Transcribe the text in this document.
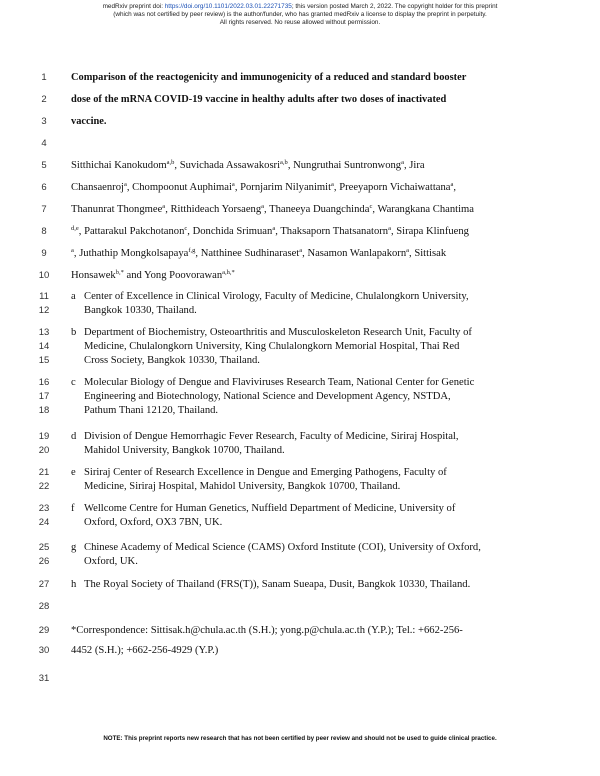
medRxiv preprint doi: https://doi.org/10.1101/2022.03.01.22271735; this version posted March 2, 2022. The copyright holder for this preprint
(which was not certified by peer review) is the author/funder, who has granted medRxiv a license to display the preprint in perpetuity.
All rights reserved. No reuse allowed without permission.
1	Comparison of the reactogenicity and immunogenicity of a reduced and standard booster
2	dose of the mRNA COVID-19 vaccine in healthy adults after two doses of inactivated
3	vaccine.
4
5	Sitthichai Kanokudom$^{a,b}$, Suvichada Assawakosri$^{a,b}$, Nungruthai Suntronwong$^a$, Jira
6	Chansaenroj$^a$, Chompoonut Auphimai$^a$, Pornjarim Nilyanimit$^a$, Preeyaporn Vichaiwattana$^a$,
7	Thanunrat Thongmee$^a$, Ritthideach Yorsaeng$^a$, Thaneeya Duangchinda$^c$, Warangkana Chantima
8	$^{d,e}$, Pattarakul Pakchotanon$^c$, Donchida Srimuan$^a$, Thaksaporn Thatsanatorn$^a$, Sirapa Klinfueng
9	$^a$, Juthathip Mongkolsapaya$^{f,g}$, Natthinee Sudhinaraset$^a$, Nasamon Wanlapakorn$^a$, Sittisak
10	Honsawek$^{b,*}$ and Yong Poovorawan$^{a,h,*}$
11	a Center of Excellence in Clinical Virology, Faculty of Medicine, Chulalongkorn University,
12	Bangkok 10330, Thailand.
13	b Department of Biochemistry, Osteoarthritis and Musculoskeleton Research Unit, Faculty of
14	Medicine, Chulalongkorn University, King Chulalongkorn Memorial Hospital, Thai Red
15	Cross Society, Bangkok 10330, Thailand.
16	c Molecular Biology of Dengue and Flaviviruses Research Team, National Center for Genetic
17	Engineering and Biotechnology, National Science and Development Agency, NSTDA,
18	Pathum Thani 12120, Thailand.
19	d Division of Dengue Hemorrhagic Fever Research, Faculty of Medicine, Siriraj Hospital,
20	Mahidol University, Bangkok 10700, Thailand.
21	e Siriraj Center of Research Excellence in Dengue and Emerging Pathogens, Faculty of
22	Medicine, Siriraj Hospital, Mahidol University, Bangkok 10700, Thailand.
23	f Wellcome Centre for Human Genetics, Nuffield Department of Medicine, University of
24	Oxford, Oxford, OX3 7BN, UK.
25	g Chinese Academy of Medical Science (CAMS) Oxford Institute (COI), University of Oxford,
26	Oxford, UK.
27	h The Royal Society of Thailand (FRS(T)), Sanam Sueapa, Dusit, Bangkok 10330, Thailand.
28
29	*Correspondence: Sittisak.h@chula.ac.th (S.H.); yong.p@chula.ac.th (Y.P.); Tel.: +662-256-
30	4452 (S.H.); +662-256-4929 (Y.P.)
31
NOTE: This preprint reports new research that has not been certified by peer review and should not be used to guide clinical practice.
